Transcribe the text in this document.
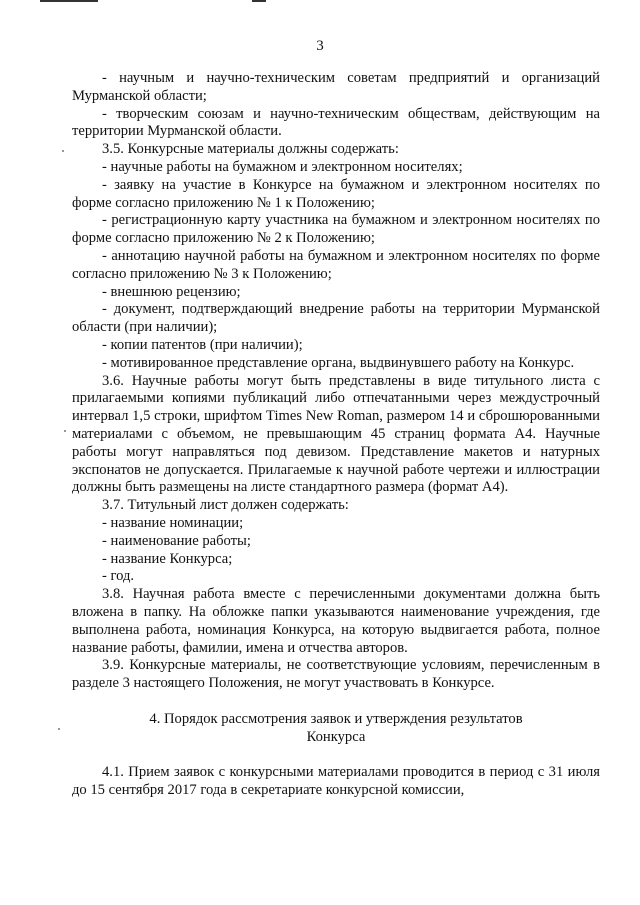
3

- научным и научно-техническим советам предприятий и организаций Мурманской области;

- творческим союзам и научно-техническим обществам, действующим на территории Мурманской области.

3.5. Конкурсные материалы должны содержать:

- научные работы на бумажном и электронном носителях;

- заявку на участие в Конкурсе на бумажном и электронном носителях по форме согласно приложению № 1 к Положению;

- регистрационную карту участника на бумажном и электронном носителях по форме согласно приложению № 2 к Положению;

- аннотацию научной работы на бумажном и электронном носителях по форме согласно приложению № 3 к Положению;

- внешнюю рецензию;

- документ, подтверждающий внедрение работы на территории Мурманской области (при наличии);

- копии патентов (при наличии);

- мотивированное представление органа, выдвинувшего работу на Конкурс.

3.6. Научные работы могут быть представлены в виде титульного листа с прилагаемыми копиями публикаций либо отпечатанными через междустрочный интервал 1,5 строки, шрифтом Times New Roman, размером 14 и сброшюрованными материалами с объемом, не превышающим 45 страниц формата А4. Научные работы могут направляться под девизом. Представление макетов и натурных экспонатов не допускается. Прилагаемые к научной работе чертежи и иллюстрации должны быть размещены на листе стандартного размера (формат А4).

3.7. Титульный лист должен содержать:

- название номинации;

- наименование работы;

- название Конкурса;

- год.

3.8. Научная работа вместе с перечисленными документами должна быть вложена в папку. На обложке папки указываются наименование учреждения, где выполнена работа, номинация Конкурса, на которую выдвигается работа, полное название работы, фамилии, имена и отчества авторов.

3.9. Конкурсные материалы, не соответствующие условиям, перечисленным в разделе 3 настоящего Положения, не могут участвовать в Конкурсе.

4. Порядок рассмотрения заявок и утверждения результатов
Конкурса

4.1. Прием заявок с конкурсными материалами проводится в период с 31 июля до 15 сентября 2017 года в секретариате конкурсной комиссии,
